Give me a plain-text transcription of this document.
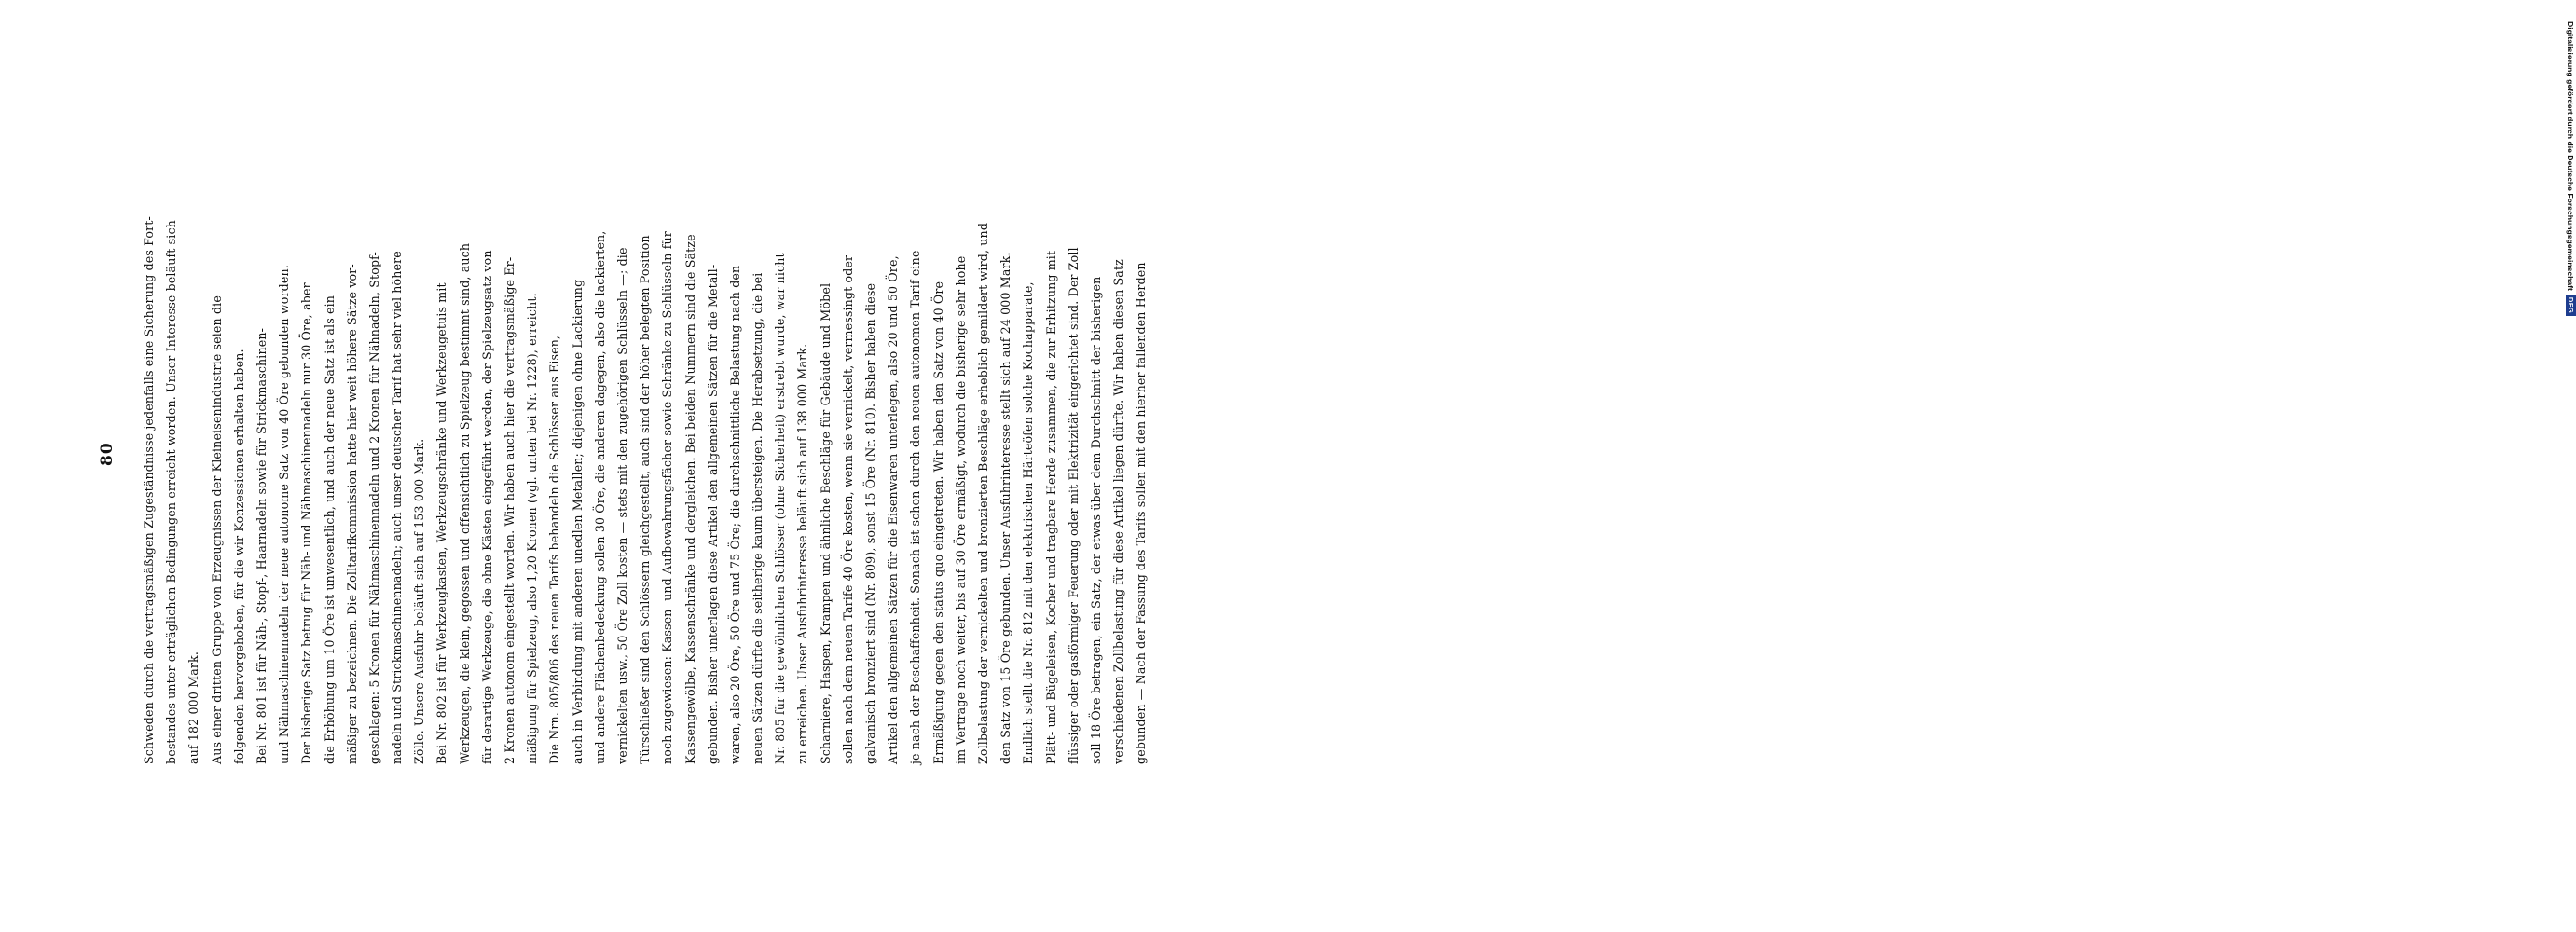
80	Schweden durch die vertragsmäßigen Zugeständnisse jedenfalls eine Sicherung des Fort- bestandes unter erträglichen Bedingungen erreicht worden. Unser Interesse beläuft sich auf 182 000 Mark. Aus einer dritten Gruppe von Erzeugnissen der Kleineisenindustrie seien die folgenden hervorgehoben, für die wir Konzessionen erhalten haben. Bei Nr. 801 ist für Näh-, Stopf-, Haarnadeln sowie für Strickmaschinen- und Nähmaschinennadeln der neue autonome Satz von 40 Öre gebunden worden. Der bisherige Satz betrug für Näh- und Nähmaschinennadeln nur 30 Öre, aber die Erhöhung um 10 Öre ist unwesentlich, und auch der neue Satz ist als ein mäßiger zu bezeichnen. Die Zolltarifkommission hatte hier weit höhere Sätze vor- geschlagen: 5 Kronen für Nähmaschinennadeln und 2 Kronen für Nähnadeln, Stopf- nadeln und Strickmaschinennadeln; auch unser deutscher Tarif hat sehr viel höhere Zölle. Unsere Ausfuhr beläuft sich auf 153 000 Mark. Bei Nr. 802 ist für Werkzeugkasten, Werkzeugschränke und Werkzeugetuis mit Werkzeugen, die klein, gegossen und offensichtlich zu Spielzeug bestimmt sind, auch für derartige Werkzeuge, die ohne Kästen eingeführt werden, der Spielzeugsatz von 2 Kronen autonom eingestellt worden. Wir haben auch hier die vertragsmäßige Er- mäßigung für Spielzeug, also 1,20 Kronen (vgl. unten bei Nr. 1228), erreicht. Die Nrn. 805/806 des neuen Tarifs behandeln die Schlösser aus Eisen, auch in Verbindung mit anderen unedlen Metallen; diejenigen ohne Lackierung und andere Flächenbedeckung sollen 30 Öre, die anderen dagegen, also die lackierten, vernickelten usw., 50 Öre Zoll kosten — stets mit den zugehörigen Schlüsseln —; die Türschließer sind den Schlössern gleichgestellt, auch sind der höher belegten Position noch zugewiesen: Kassen- und Aufbewahrungsfächer sowie Schränke zu Schlüsseln für Kassengewölbe, Kassenschränke und dergleichen. Bei beiden Nummern sind die Sätze gebunden. Bisher unterlagen diese Artikel den allgemeinen Sätzen für die Metall- waren, also 20 Öre, 50 Öre und 75 Öre; die durchschnittliche Belastung nach den neuen Sätzen dürfte die seitherige kaum übersteigen. Die Herabsetzung, die bei Nr. 805 für die gewöhnlichen Schlösser (ohne Sicherheit) erstrebt wurde, war nicht zu erreichen. Unser Ausfuhrinteresse beläuft sich auf 138 000 Mark. Scharniere, Haspen, Krampen und ähnliche Beschläge für Gebäude und Möbel sollen nach dem neuen Tarife 40 Öre kosten, wenn sie vernickelt, vermessingt oder galvanisch bronziert sind (Nr. 809), sonst 15 Öre (Nr. 810). Bisher haben diese Artikel den allgemeinen Sätzen für die Eisenwaren unterlegen, also 20 und 50 Öre, je nach der Beschaffenheit. Sonach ist schon durch den neuen autonomen Tarif eine Ermäßigung gegen den status quo eingetreten. Wir haben den Satz von 40 Öre im Vertrage noch weiter, bis auf 30 Öre ermäßigt, wodurch die bisherige sehr hohe Zollbelastung der vernickelten und bronzierten Beschläge erheblich gemildert wird, und den Satz von 15 Öre gebunden. Unser Ausfuhrinteresse stellt sich auf 24 000 Mark. Endlich stellt die Nr. 812 mit den elektrischen Härteöfen solche Kochapparate, Plätt- und Bügeleisen, Kocher und tragbare Herde zusammen, die zur Erhitzung mit flüssiger oder gasförmiger Feuerung oder mit Elektrizität eingerichtet sind. Der Zoll soll 18 Öre betragen, ein Satz, der etwas über dem Durchschnitt der bisherigen verschiedenen Zollbelastung für diese Artikel liegen dürfte. Wir haben diesen Satz gebunden — Nach der Fassung des Tarifs sollen mit den hierher fallenden Herden
Digitalisierung gefördert durch die Deutsche Forschungsgemeinschaft
DFG
